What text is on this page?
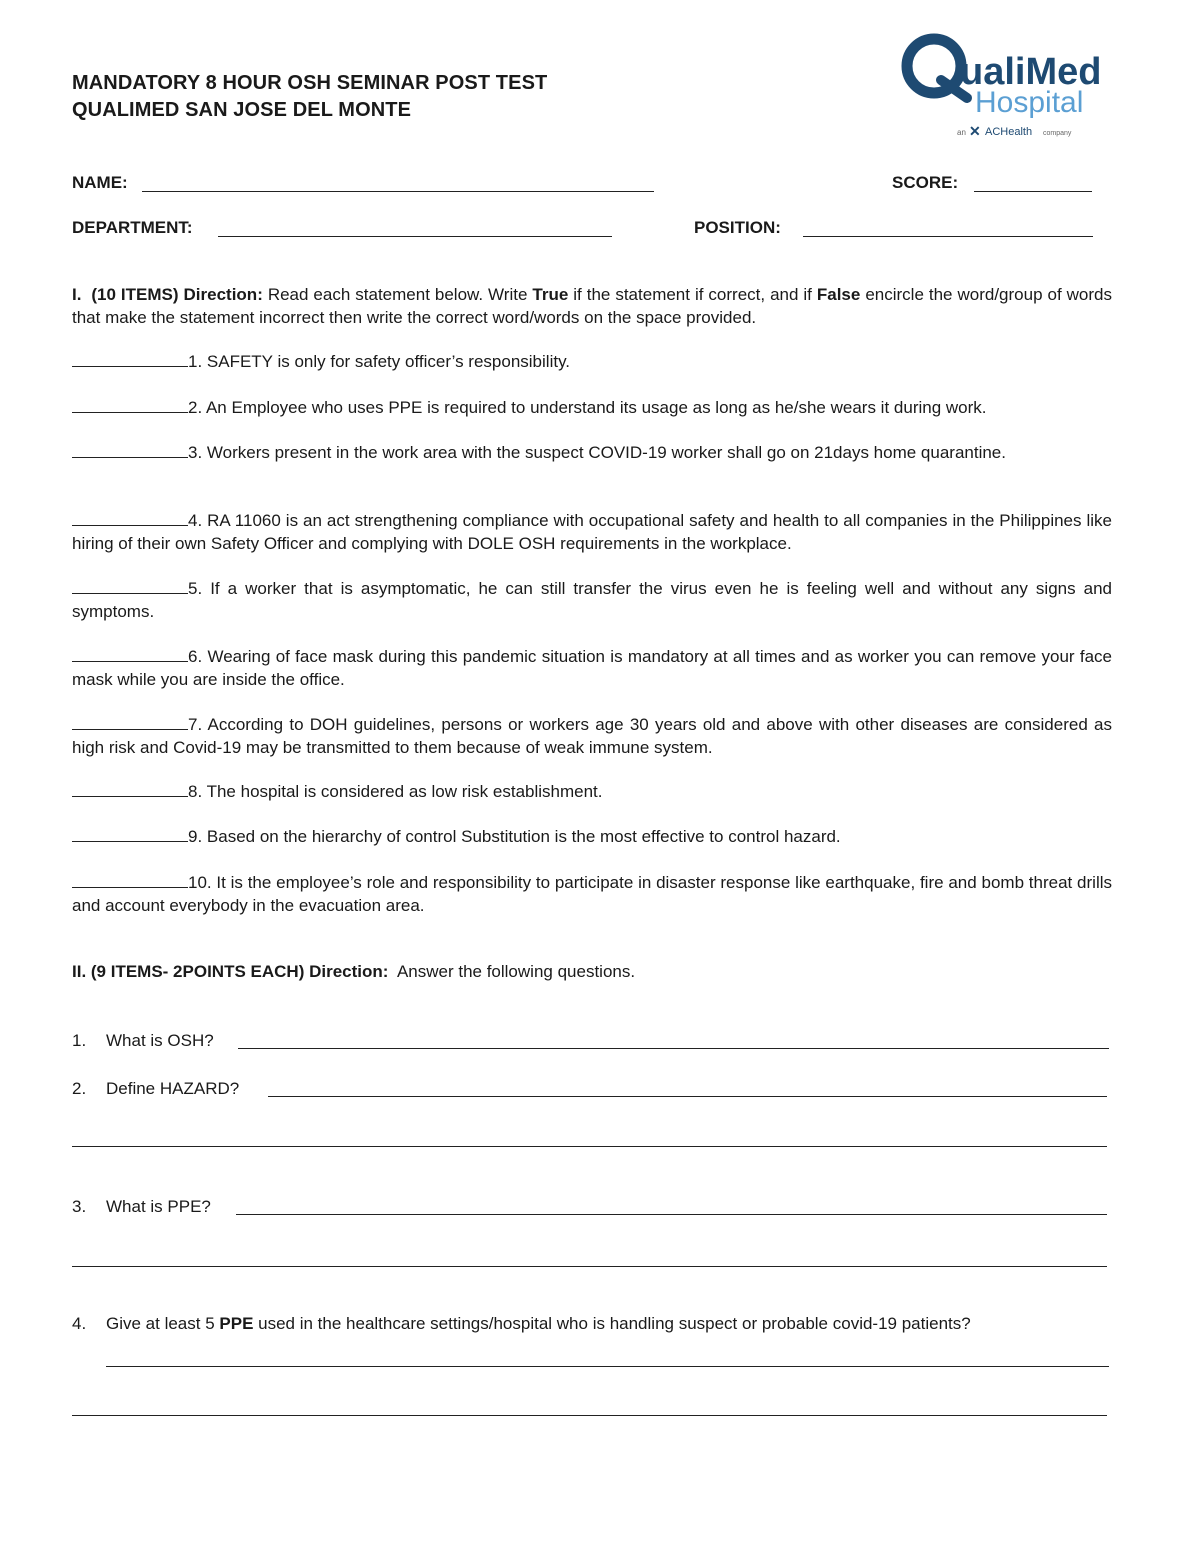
MANDATORY 8 HOUR OSH SEMINAR POST TEST
QUALIMED SAN JOSE DEL MONTE
ualiMed
Hospital
an ✕ ACHealth company
NAME:	SCORE:
DEPARTMENT:	POSITION:
I. (10 ITEMS) Direction: Read each statement below. Write True if the statement if correct, and if False encircle the word/group of words that make the statement incorrect then write the correct word/words on the space provided.
1. SAFETY is only for safety officer’s responsibility.
2. An Employee who uses PPE is required to understand its usage as long as he/she wears it during work.
3. Workers present in the work area with the suspect COVID-19 worker shall go on 21days home quarantine.
4. RA 11060 is an act strengthening compliance with occupational safety and health to all companies in the Philippines like hiring of their own Safety Officer and complying with DOLE OSH requirements in the workplace.
5. If a worker that is asymptomatic, he can still transfer the virus even he is feeling well and without any signs and symptoms.
6. Wearing of face mask during this pandemic situation is mandatory at all times and as worker you can remove your face mask while you are inside the office.
7. According to DOH guidelines, persons or workers age 30 years old and above with other diseases are considered as high risk and Covid-19 may be transmitted to them because of weak immune system.
8. The hospital is considered as low risk establishment.
9. Based on the hierarchy of control Substitution is the most effective to control hazard.
10. It is the employee’s role and responsibility to participate in disaster response like earthquake, fire and bomb threat drills and account everybody in the evacuation area.
II. (9 ITEMS- 2POINTS EACH) Direction: Answer the following questions.
1. What is OSH?
2. Define HAZARD?
3. What is PPE?
4. Give at least 5 PPE used in the healthcare settings/hospital who is handling suspect or probable covid-19 patients?
